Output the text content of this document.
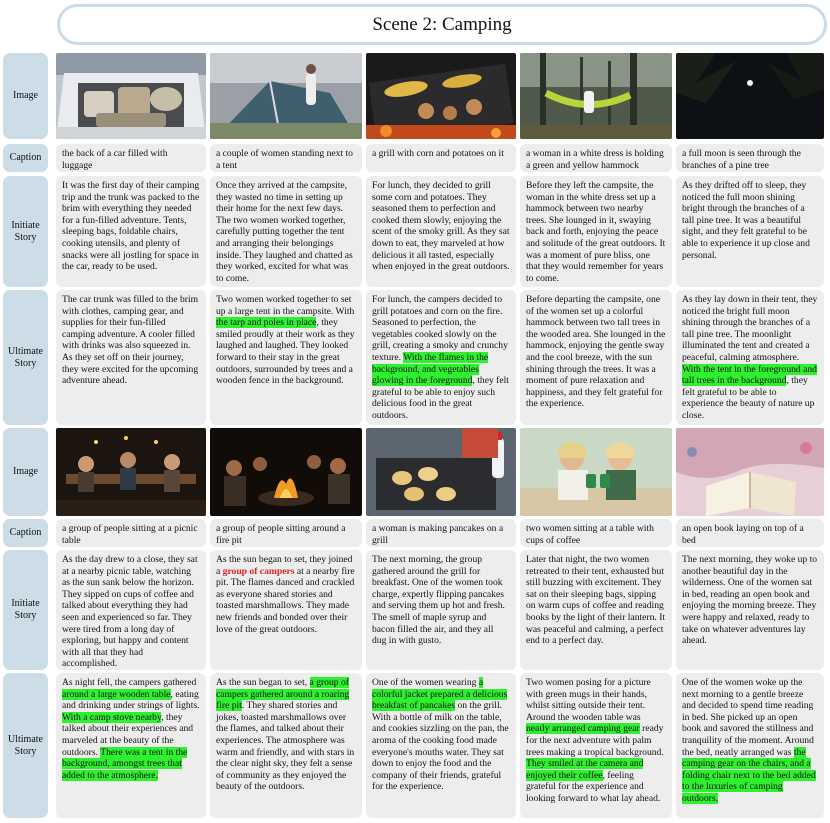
Scene 2: Camping
Image
Caption
Initiate Story
Ultimate Story
the back of a car filled with luggage
It was the first day of their camping trip and the trunk was packed to the brim with everything they needed for a fun-filled adventure. Tents, sleeping bags, foldable chairs, cooking utensils, and plenty of snacks were all jostling for space in the car, ready to be used.
The car trunk was filled to the brim with clothes, camping gear, and supplies for their fun-filled camping adventure. A cooler filled with drinks was also squeezed in. As they set off on their journey, they were excited for the upcoming adventure ahead.
a couple of women standing next to a tent
Once they arrived at the campsite, they wasted no time in setting up their home for the next few days. The two women worked together, carefully putting together the tent and arranging their belongings inside. They laughed and chatted as they worked, excited for what was to come.
Two women worked together to set up a large tent in the campsite. With the tarp and poles in place, they smiled proudly at their work as they laughed and laughed. They looked forward to their stay in the great outdoors, surrounded by trees and a wooden fence in the background.
a grill with corn and potatoes on it
For lunch, they decided to grill some corn and potatoes. They seasoned them to perfection and cooked them slowly, enjoying the scent of the smoky grill. As they sat down to eat, they marveled at how delicious it all tasted, especially when enjoyed in the great outdoors.
For lunch, the campers decided to grill potatoes and corn on the fire. Seasoned to perfection, the vegetables cooked slowly on the grill, creating a smoky and crunchy texture. With the flames in the background, and vegetables glowing in the foreground, they felt grateful to be able to enjoy such delicious food in the great outdoors.
a woman in a white dress is holding a green and yellow hammock
Before they left the campsite, the woman in the white dress set up a hammock between two nearby trees. She lounged in it, swaying back and forth, enjoying the peace and solitude of the great outdoors. It was a moment of pure bliss, one that they would remember for years to come.
Before departing the campsite, one of the women set up a colorful hammock between two tall trees in the wooded area. She lounged in the hammock, enjoying the gentle sway and the cool breeze, with the sun shining through the trees. It was a moment of pure relaxation and happiness, and they felt grateful for the experience.
a full moon is seen through the branches of a pine tree
As they drifted off to sleep, they noticed the full moon shining bright through the branches of a tall pine tree. It was a beautiful sight, and they felt grateful to be able to experience it up close and personal.
As they lay down in their tent, they noticed the bright full moon shining through the branches of a tall pine tree. The moonlight illuminated the tent and created a peaceful, calming atmosphere. With the tent in the foreground and tall trees in the background, they felt grateful to be able to experience the beauty of nature up close.
Image
Caption
Initiate Story
Ultimate Story
a group of people sitting at a picnic table
As the day drew to a close, they sat at a nearby picnic table, watching as the sun sank below the horizon. They sipped on cups of coffee and talked about everything they had seen and experienced so far. They were tired from a long day of exploring, but happy and content with all that they had accomplished.
As night fell, the campers gathered around a large wooden table, eating and drinking under strings of lights. With a camp stove nearby, they talked about their experiences and marveled at the beauty of the outdoors. There was a tent in the background, amongst trees that added to the atmosphere.
a group of people sitting around a fire pit
As the sun began to set, they joined a group of campers at a nearby fire pit. The flames danced and crackled as everyone shared stories and toasted marshmallows. They made new friends and bonded over their love of the great outdoors.
As the sun began to set, a group of campers gathered around a roaring fire pit. They shared stories and jokes, toasted marshmallows over the flames, and talked about their experiences. The atmosphere was warm and friendly, and with stars in the clear night sky, they felt a sense of community as they enjoyed the beauty of the outdoors.
a woman is making pancakes on a grill
The next morning, the group gathered around the grill for breakfast. One of the women took charge, expertly flipping pancakes and serving them up hot and fresh. The smell of maple syrup and bacon filled the air, and they all dug in with gusto.
One of the women wearing a colorful jacket prepared a delicious breakfast of pancakes on the grill. With a bottle of milk on the table, and cookies sizzling on the pan, the aroma of the cooking food made everyone's mouths water. They sat down to enjoy the food and the company of their friends, grateful for the experience.
two women sitting at a table with cups of coffee
Later that night, the two women retreated to their tent, exhausted but still buzzing with excitement. They sat on their sleeping bags, sipping on warm cups of coffee and reading books by the light of their lantern. It was peaceful and calming, a perfect end to a perfect day.
Two women posing for a picture with green mugs in their hands, whilst sitting outside their tent. Around the wooden table was neatly arranged camping gear ready for the next adventure with palm trees making a tropical background. They smiled at the camera and enjoyed their coffee, feeling grateful for the experience and looking forward to what lay ahead.
an open book laying on top of a bed
The next morning, they woke up to another beautiful day in the wilderness. One of the women sat in bed, reading an open book and enjoying the morning breeze. They were happy and relaxed, ready to take on whatever adventures lay ahead.
One of the women woke up the next morning to a gentle breeze and decided to spend time reading in bed. She picked up an open book and savored the stillness and tranquility of the moment. Around the bed, neatly arranged was the camping gear on the chairs, and a folding chair next to the bed added to the luxuries of camping outdoors.
